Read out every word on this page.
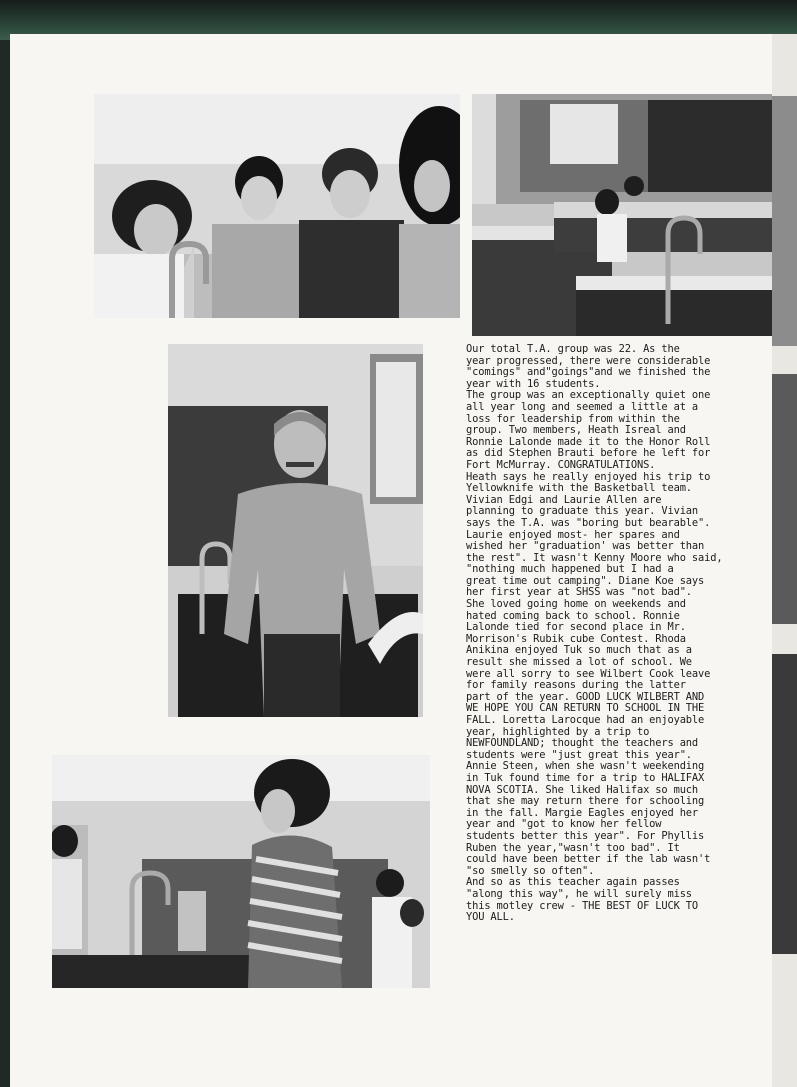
Our total T.A. group was 22. As the
year progressed, there were considerable
"comings" and"goings"and we finished the
year with 16 students.

The group was an exceptionally quiet one
all year long and seemed a little at a
loss for leadership from within the
group. Two members, Heath Isreal and
Ronnie Lalonde made it to the Honor Roll
as did Stephen Brauti before he left for
Fort McMurray. CONGRATULATIONS.

Heath says he really enjoyed his trip to
Yellowknife with the Basketball team.
Vivian Edgi and Laurie Allen are
planning to graduate this year. Vivian
says the T.A. was "boring but bearable".
Laurie enjoyed most- her spares and
wished her "graduation' was better than
the rest". It wasn't Kenny Moore who said,
"nothing much happened but I had a
great time out camping". Diane Koe says
her first year at SHSS was "not bad".
She loved going home on weekends and
hated coming back to school. Ronnie
Lalonde tied for second place in Mr.
Morrison's Rubik cube Contest. Rhoda
Anikina enjoyed Tuk so much that as a
result she missed a lot of school. We
were all sorry to see Wilbert Cook leave
for family reasons during the latter
part of the year. GOOD LUCK WILBERT AND
WE HOPE YOU CAN RETURN TO SCHOOL IN THE
FALL. Loretta Larocque had an enjoyable
year, highlighted by a trip to
NEWFOUNDLAND; thought the teachers and
students were "just great this year".
Annie Steen, when she wasn't weekending
in Tuk found time for a trip to HALIFAX
NOVA SCOTIA. She liked Halifax so much
that she may return there for schooling
in the fall. Margie Eagles enjoyed her
year and "got to know her fellow
students better this year". For Phyllis
Ruben the year,"wasn't too bad". It
could have been better if the lab wasn't
"so smelly so often".

And so as this teacher again passes
"along this way", he will surely miss
this motley crew - THE BEST OF LUCK TO
YOU ALL.
